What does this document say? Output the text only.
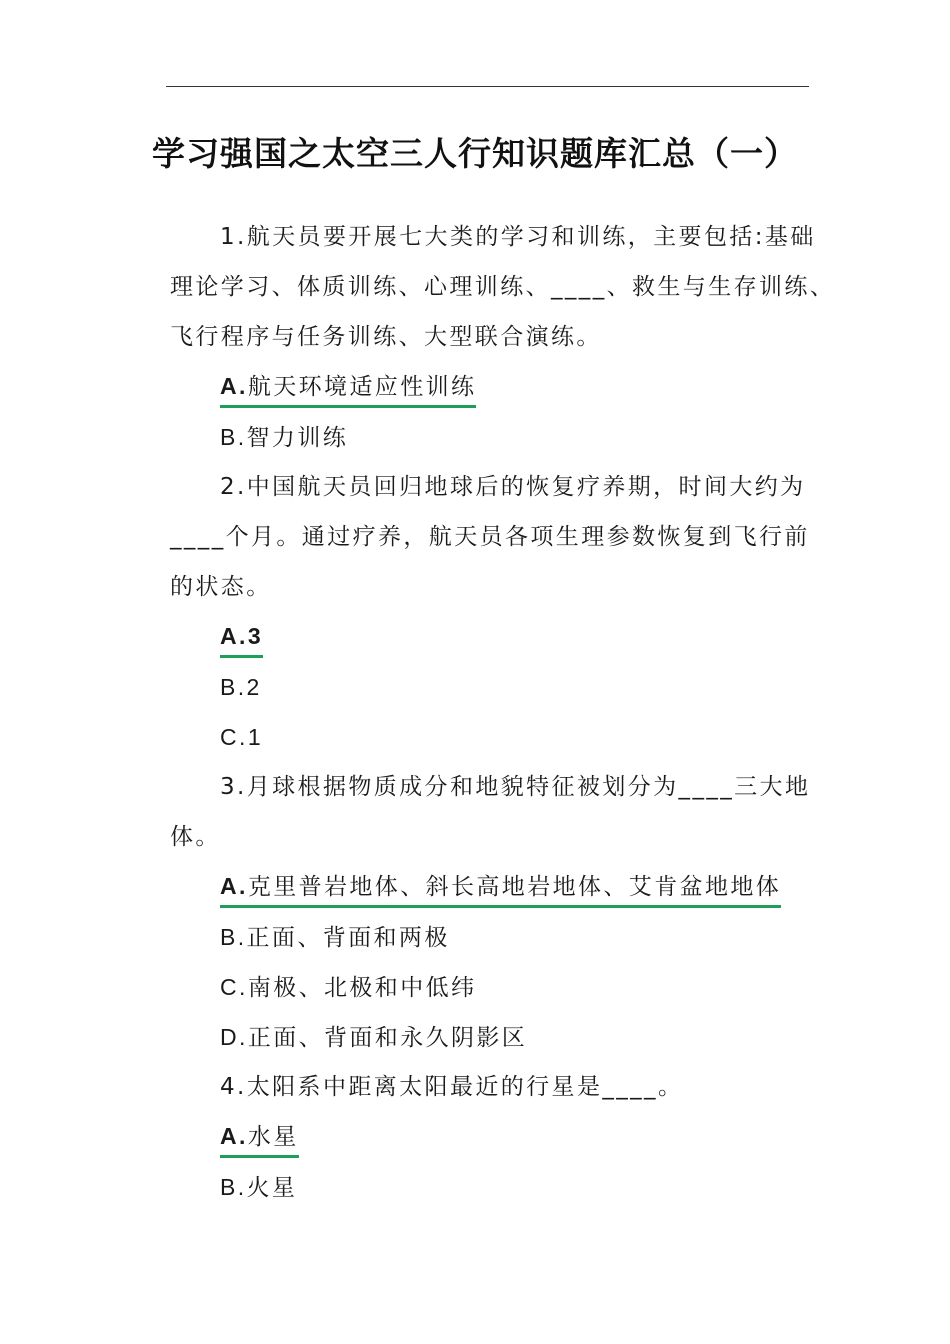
学习强国之太空三人行知识题库汇总（一）
1.航天员要开展七大类的学习和训练，主要包括:基础
理论学习、体质训练、心理训练、____、救生与生存训练、
飞行程序与任务训练、大型联合演练。
A.航天环境适应性训练
B.智力训练
2.中国航天员回归地球后的恢复疗养期，时间大约为
____个月。通过疗养，航天员各项生理参数恢复到飞行前
的状态。
A.3
B.2
C.1
3.月球根据物质成分和地貌特征被划分为____三大地
体。
A.克里普岩地体、斜长高地岩地体、艾肯盆地地体
B.正面、背面和两极
C.南极、北极和中低纬
D.正面、背面和永久阴影区
4.太阳系中距离太阳最近的行星是____。
A.水星
B.火星
